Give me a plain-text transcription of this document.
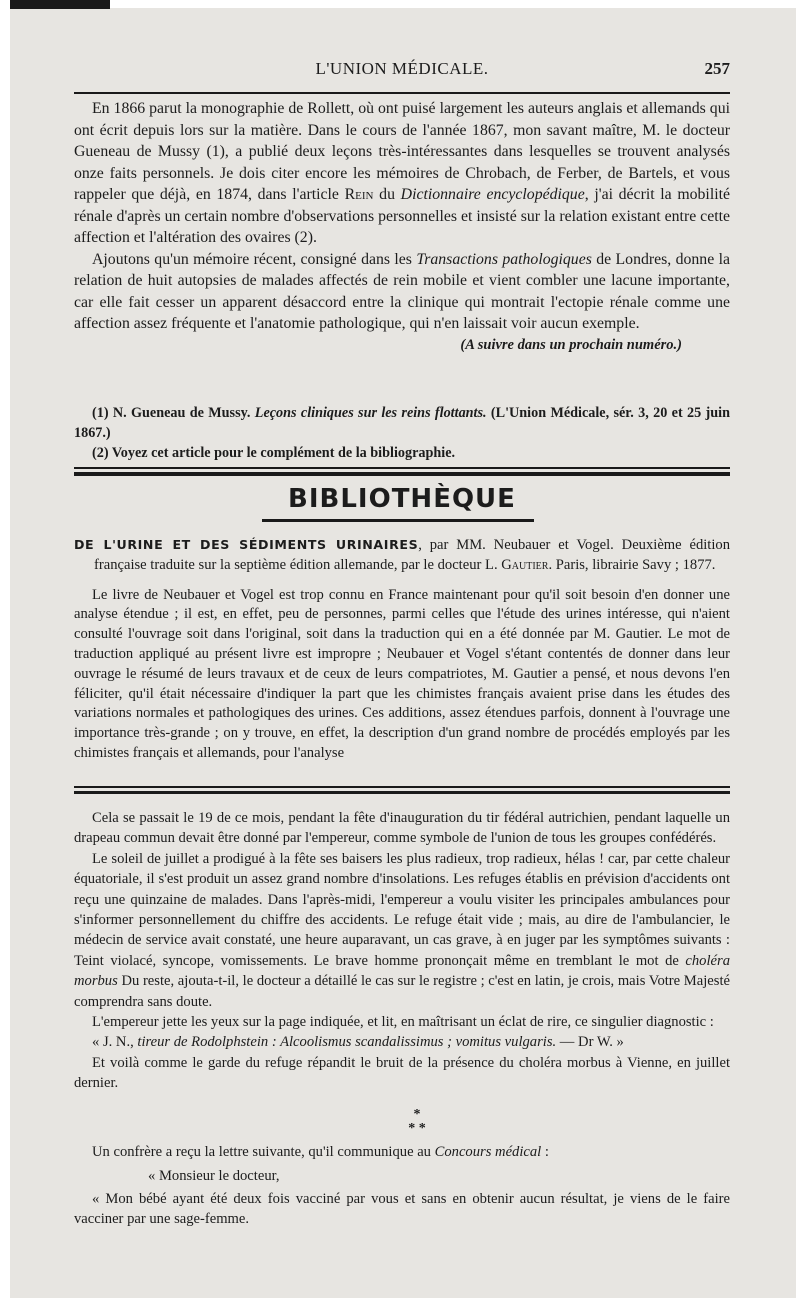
L'UNION MÉDICALE.	257

En 1866 parut la monographie de Rollett, où ont puisé largement les auteurs anglais et allemands qui ont écrit depuis lors sur la matière. Dans le cours de l'année 1867, mon savant maître, M. le docteur Gueneau de Mussy (1), a publié deux leçons très-intéressantes dans lesquelles se trouvent analysés onze faits personnels. Je dois citer encore les mémoires de Chrobach, de Ferber, de Bartels, et vous rappeler que déjà, en 1874, dans l'article Rein du Dictionnaire encyclopédique, j'ai décrit la mobilité rénale d'après un certain nombre d'observations personnelles et insisté sur la relation existant entre cette affection et l'altération des ovaires (2).

Ajoutons qu'un mémoire récent, consigné dans les Transactions pathologiques de Londres, donne la relation de huit autopsies de malades affectés de rein mobile et vient combler une lacune importante, car elle fait cesser un apparent désaccord entre la clinique qui montrait l'ectopie rénale comme une affection assez fréquente et l'anatomie pathologique, qui n'en laissait voir aucun exemple.

(A suivre dans un prochain numéro.)

(1) N. Gueneau de Mussy. Leçons cliniques sur les reins flottants. (L'Union Médicale, sér. 3, 20 et 25 juin 1867.)

(2) Voyez cet article pour le complément de la bibliographie.

BIBLIOTHÈQUE

DE L'URINE ET DES SÉDIMENTS URINAIRES, par MM. Neubauer et Vogel. Deuxième édition française traduite sur la septième édition allemande, par le docteur L. Gautier. Paris, librairie Savy ; 1877.

Le livre de Neubauer et Vogel est trop connu en France maintenant pour qu'il soit besoin d'en donner une analyse étendue ; il est, en effet, peu de personnes, parmi celles que l'étude des urines intéresse, qui n'aient consulté l'ouvrage soit dans l'original, soit dans la traduction qui en a été donnée par M. Gautier. Le mot de traduction appliqué au présent livre est impropre ; Neubauer et Vogel s'étant contentés de donner dans leur ouvrage le résumé de leurs travaux et de ceux de leurs compatriotes, M. Gautier a pensé, et nous devons l'en féliciter, qu'il était nécessaire d'indiquer la part que les chimistes français avaient prise dans les études des variations normales et pathologiques des urines. Ces additions, assez étendues parfois, donnent à l'ouvrage une importance très-grande ; on y trouve, en effet, la description d'un grand nombre de procédés employés par les chimistes français et allemands, pour l'analyse

Cela se passait le 19 de ce mois, pendant la fête d'inauguration du tir fédéral autrichien, pendant laquelle un drapeau commun devait être donné par l'empereur, comme symbole de l'union de tous les groupes confédérés.

Le soleil de juillet a prodigué à la fête ses baisers les plus radieux, trop radieux, hélas ! car, par cette chaleur équatoriale, il s'est produit un assez grand nombre d'insolations. Les refuges établis en prévision d'accidents ont reçu une quinzaine de malades. Dans l'après-midi, l'empereur a voulu visiter les principales ambulances pour s'informer personnellement du chiffre des accidents. Le refuge était vide ; mais, au dire de l'ambulancier, le médecin de service avait constaté, une heure auparavant, un cas grave, à en juger par les symptômes suivants : Teint violacé, syncope, vomissements. Le brave homme prononçait même en tremblant le mot de choléra morbus Du reste, ajouta-t-il, le docteur a détaillé le cas sur le registre ; c'est en latin, je crois, mais Votre Majesté comprendra sans doute.

L'empereur jette les yeux sur la page indiquée, et lit, en maîtrisant un éclat de rire, ce singulier diagnostic :

« J. N., tireur de Rodolphstein : Alcoolismus scandalissimus ; vomitus vulgaris. — Dr W. »

Et voilà comme le garde du refuge répandit le bruit de la présence du choléra morbus à Vienne, en juillet dernier.

*
* *

Un confrère a reçu la lettre suivante, qu'il communique au Concours médical :

« Monsieur le docteur,

« Mon bébé ayant été deux fois vacciné par vous et sans en obtenir aucun résultat, je viens de le faire vacciner par une sage-femme.
